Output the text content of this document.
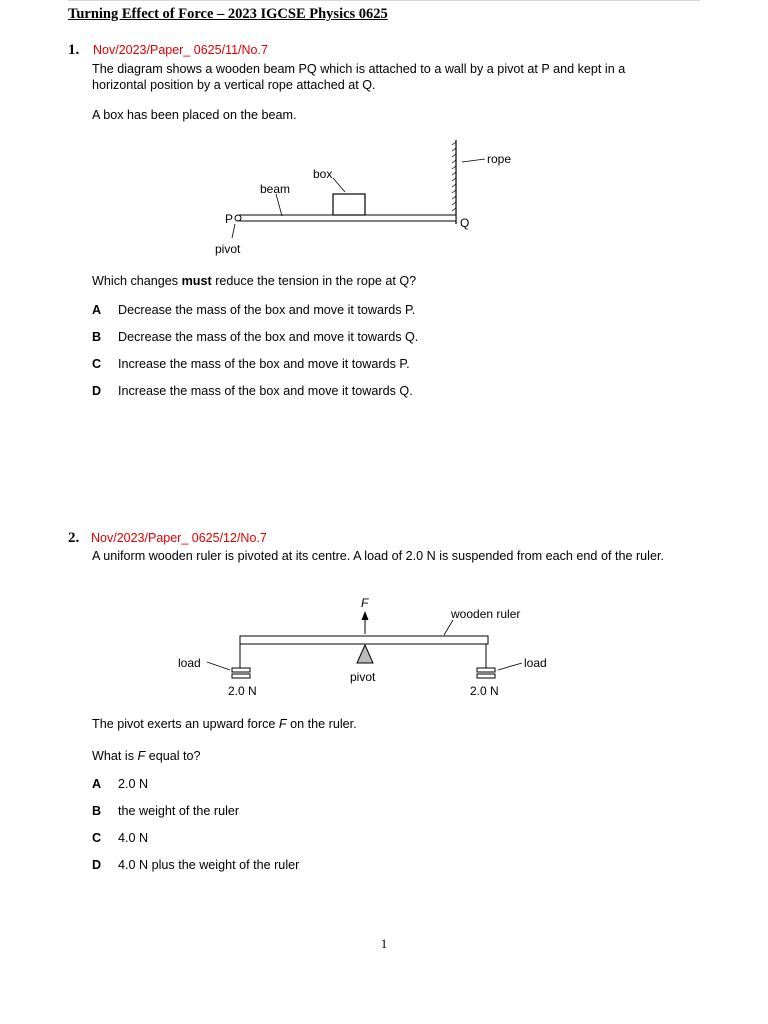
Turning Effect of Force – 2023 IGCSE Physics 0625
1. Nov/2023/Paper_ 0625/11/No.7
The diagram shows a wooden beam PQ which is attached to a wall by a pivot at P and kept in a horizontal position by a vertical rope attached at Q.
A box has been placed on the beam.
rope
box
beam
P	Q
pivot
Which changes must reduce the tension in the rope at Q?
A Decrease the mass of the box and move it towards P.
B Decrease the mass of the box and move it towards Q.
C Increase the mass of the box and move it towards P.
D Increase the mass of the box and move it towards Q.
2. Nov/2023/Paper_ 0625/12/No.7
A uniform wooden ruler is pivoted at its centre. A load of 2.0 N is suspended from each end of the ruler.
F
wooden ruler
load	load
pivot
2.0 N	2.0 N
The pivot exerts an upward force F on the ruler.
What is F equal to?
A 2.0 N
B the weight of the ruler
C 4.0 N
D 4.0 N plus the weight of the ruler
1
